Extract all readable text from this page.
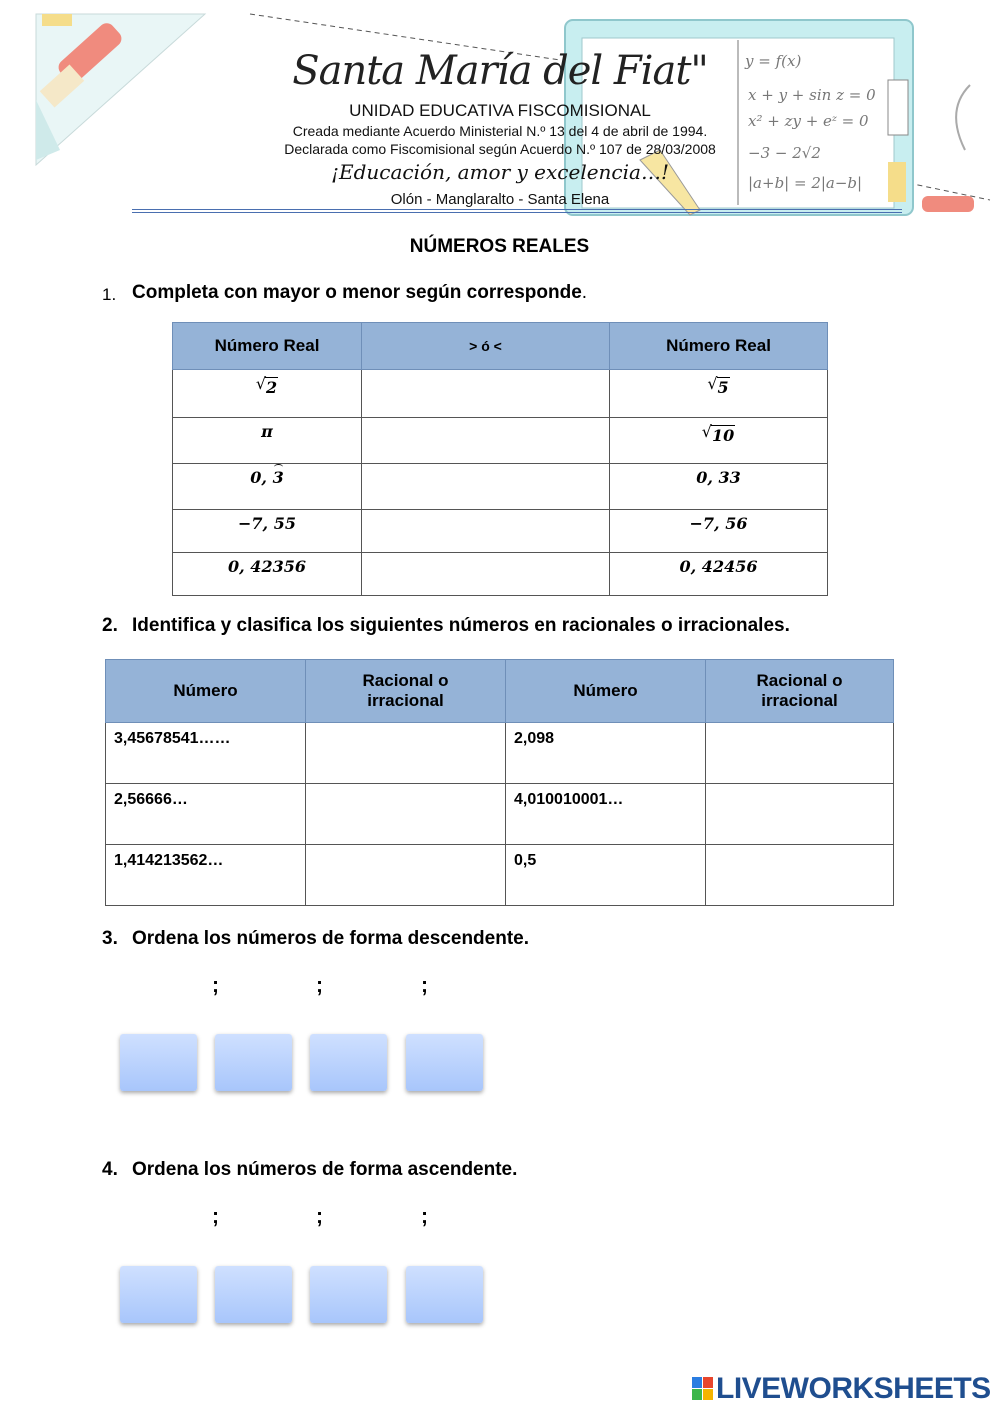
y = f(x)
x + y + sin z = 0
x² + zy + eᶻ = 0
−3 − 2√2
|a+b| = 2|a−b|
Santa María del Fiat"
UNIDAD EDUCATIVA FISCOMISIONAL
Creada mediante Acuerdo Ministerial N.º 13 del 4 de abril de 1994.
Declarada como Fiscomisional según Acuerdo N.º 107 de 28/03/2008
¡Educación, amor y excelencia…!
Olón - Manglaralto - Santa Elena
NÚMEROS REALES
1. Completa con mayor o menor según corresponde.
Número Real	> ó <	Número Real

√ 2		√ 5

π		√ 10

0, 3		0, 33
−7, 55		−7, 56
0, 42356		0, 42456
2. Identifica y clasifica los siguientes números en racionales o irracionales.
Número	Racional o irracional	Número	Racional o irracional

3,45678541……		2,098	
2,56666…		4,010010001…	
1,414213562…		0,5	
3. Ordena los números de forma descendente.
;	;	;
4. Ordena los números de forma ascendente.
;	;	;
LIVEWORKSHEETS
